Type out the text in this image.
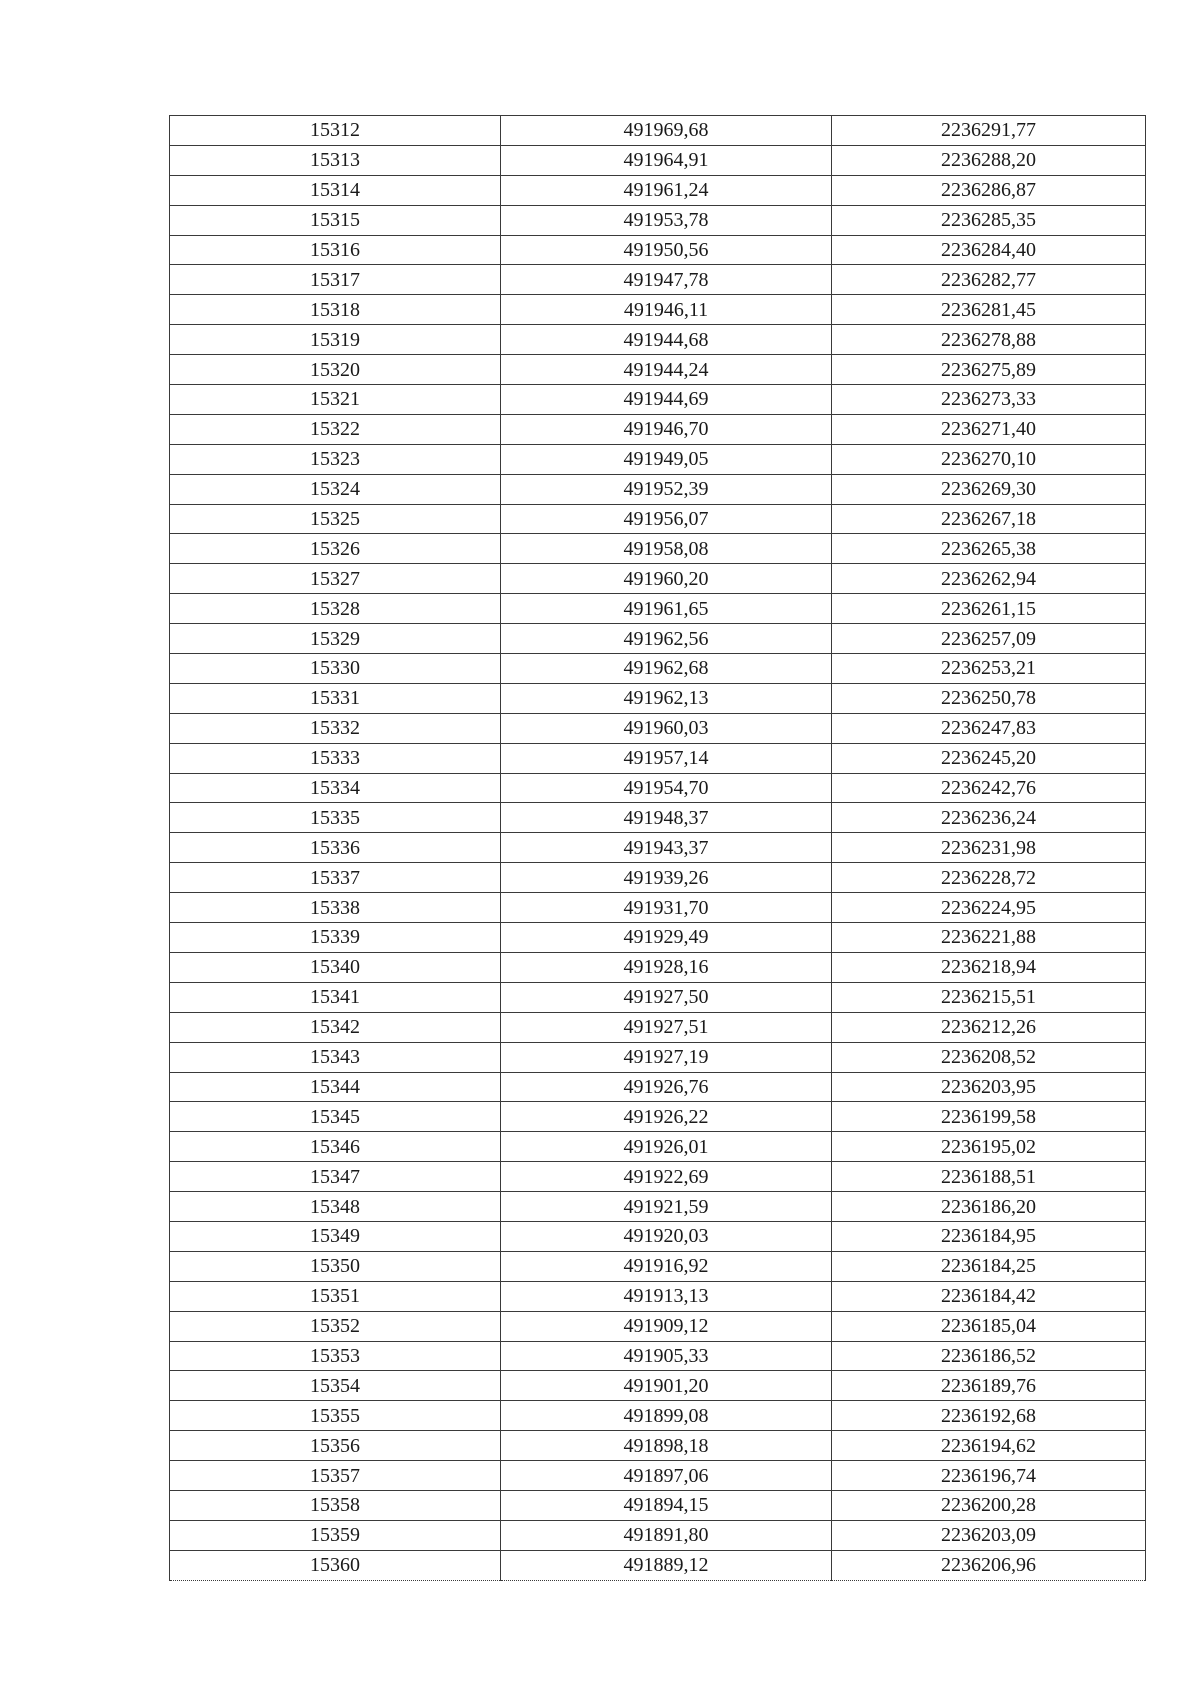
15312	491969,68	2236291,77
15313	491964,91	2236288,20
15314	491961,24	2236286,87
15315	491953,78	2236285,35
15316	491950,56	2236284,40
15317	491947,78	2236282,77
15318	491946,11	2236281,45
15319	491944,68	2236278,88
15320	491944,24	2236275,89
15321	491944,69	2236273,33
15322	491946,70	2236271,40
15323	491949,05	2236270,10
15324	491952,39	2236269,30
15325	491956,07	2236267,18
15326	491958,08	2236265,38
15327	491960,20	2236262,94
15328	491961,65	2236261,15
15329	491962,56	2236257,09
15330	491962,68	2236253,21
15331	491962,13	2236250,78
15332	491960,03	2236247,83
15333	491957,14	2236245,20
15334	491954,70	2236242,76
15335	491948,37	2236236,24
15336	491943,37	2236231,98
15337	491939,26	2236228,72
15338	491931,70	2236224,95
15339	491929,49	2236221,88
15340	491928,16	2236218,94
15341	491927,50	2236215,51
15342	491927,51	2236212,26
15343	491927,19	2236208,52
15344	491926,76	2236203,95
15345	491926,22	2236199,58
15346	491926,01	2236195,02
15347	491922,69	2236188,51
15348	491921,59	2236186,20
15349	491920,03	2236184,95
15350	491916,92	2236184,25
15351	491913,13	2236184,42
15352	491909,12	2236185,04
15353	491905,33	2236186,52
15354	491901,20	2236189,76
15355	491899,08	2236192,68
15356	491898,18	2236194,62
15357	491897,06	2236196,74
15358	491894,15	2236200,28
15359	491891,80	2236203,09
15360	491889,12	2236206,96
